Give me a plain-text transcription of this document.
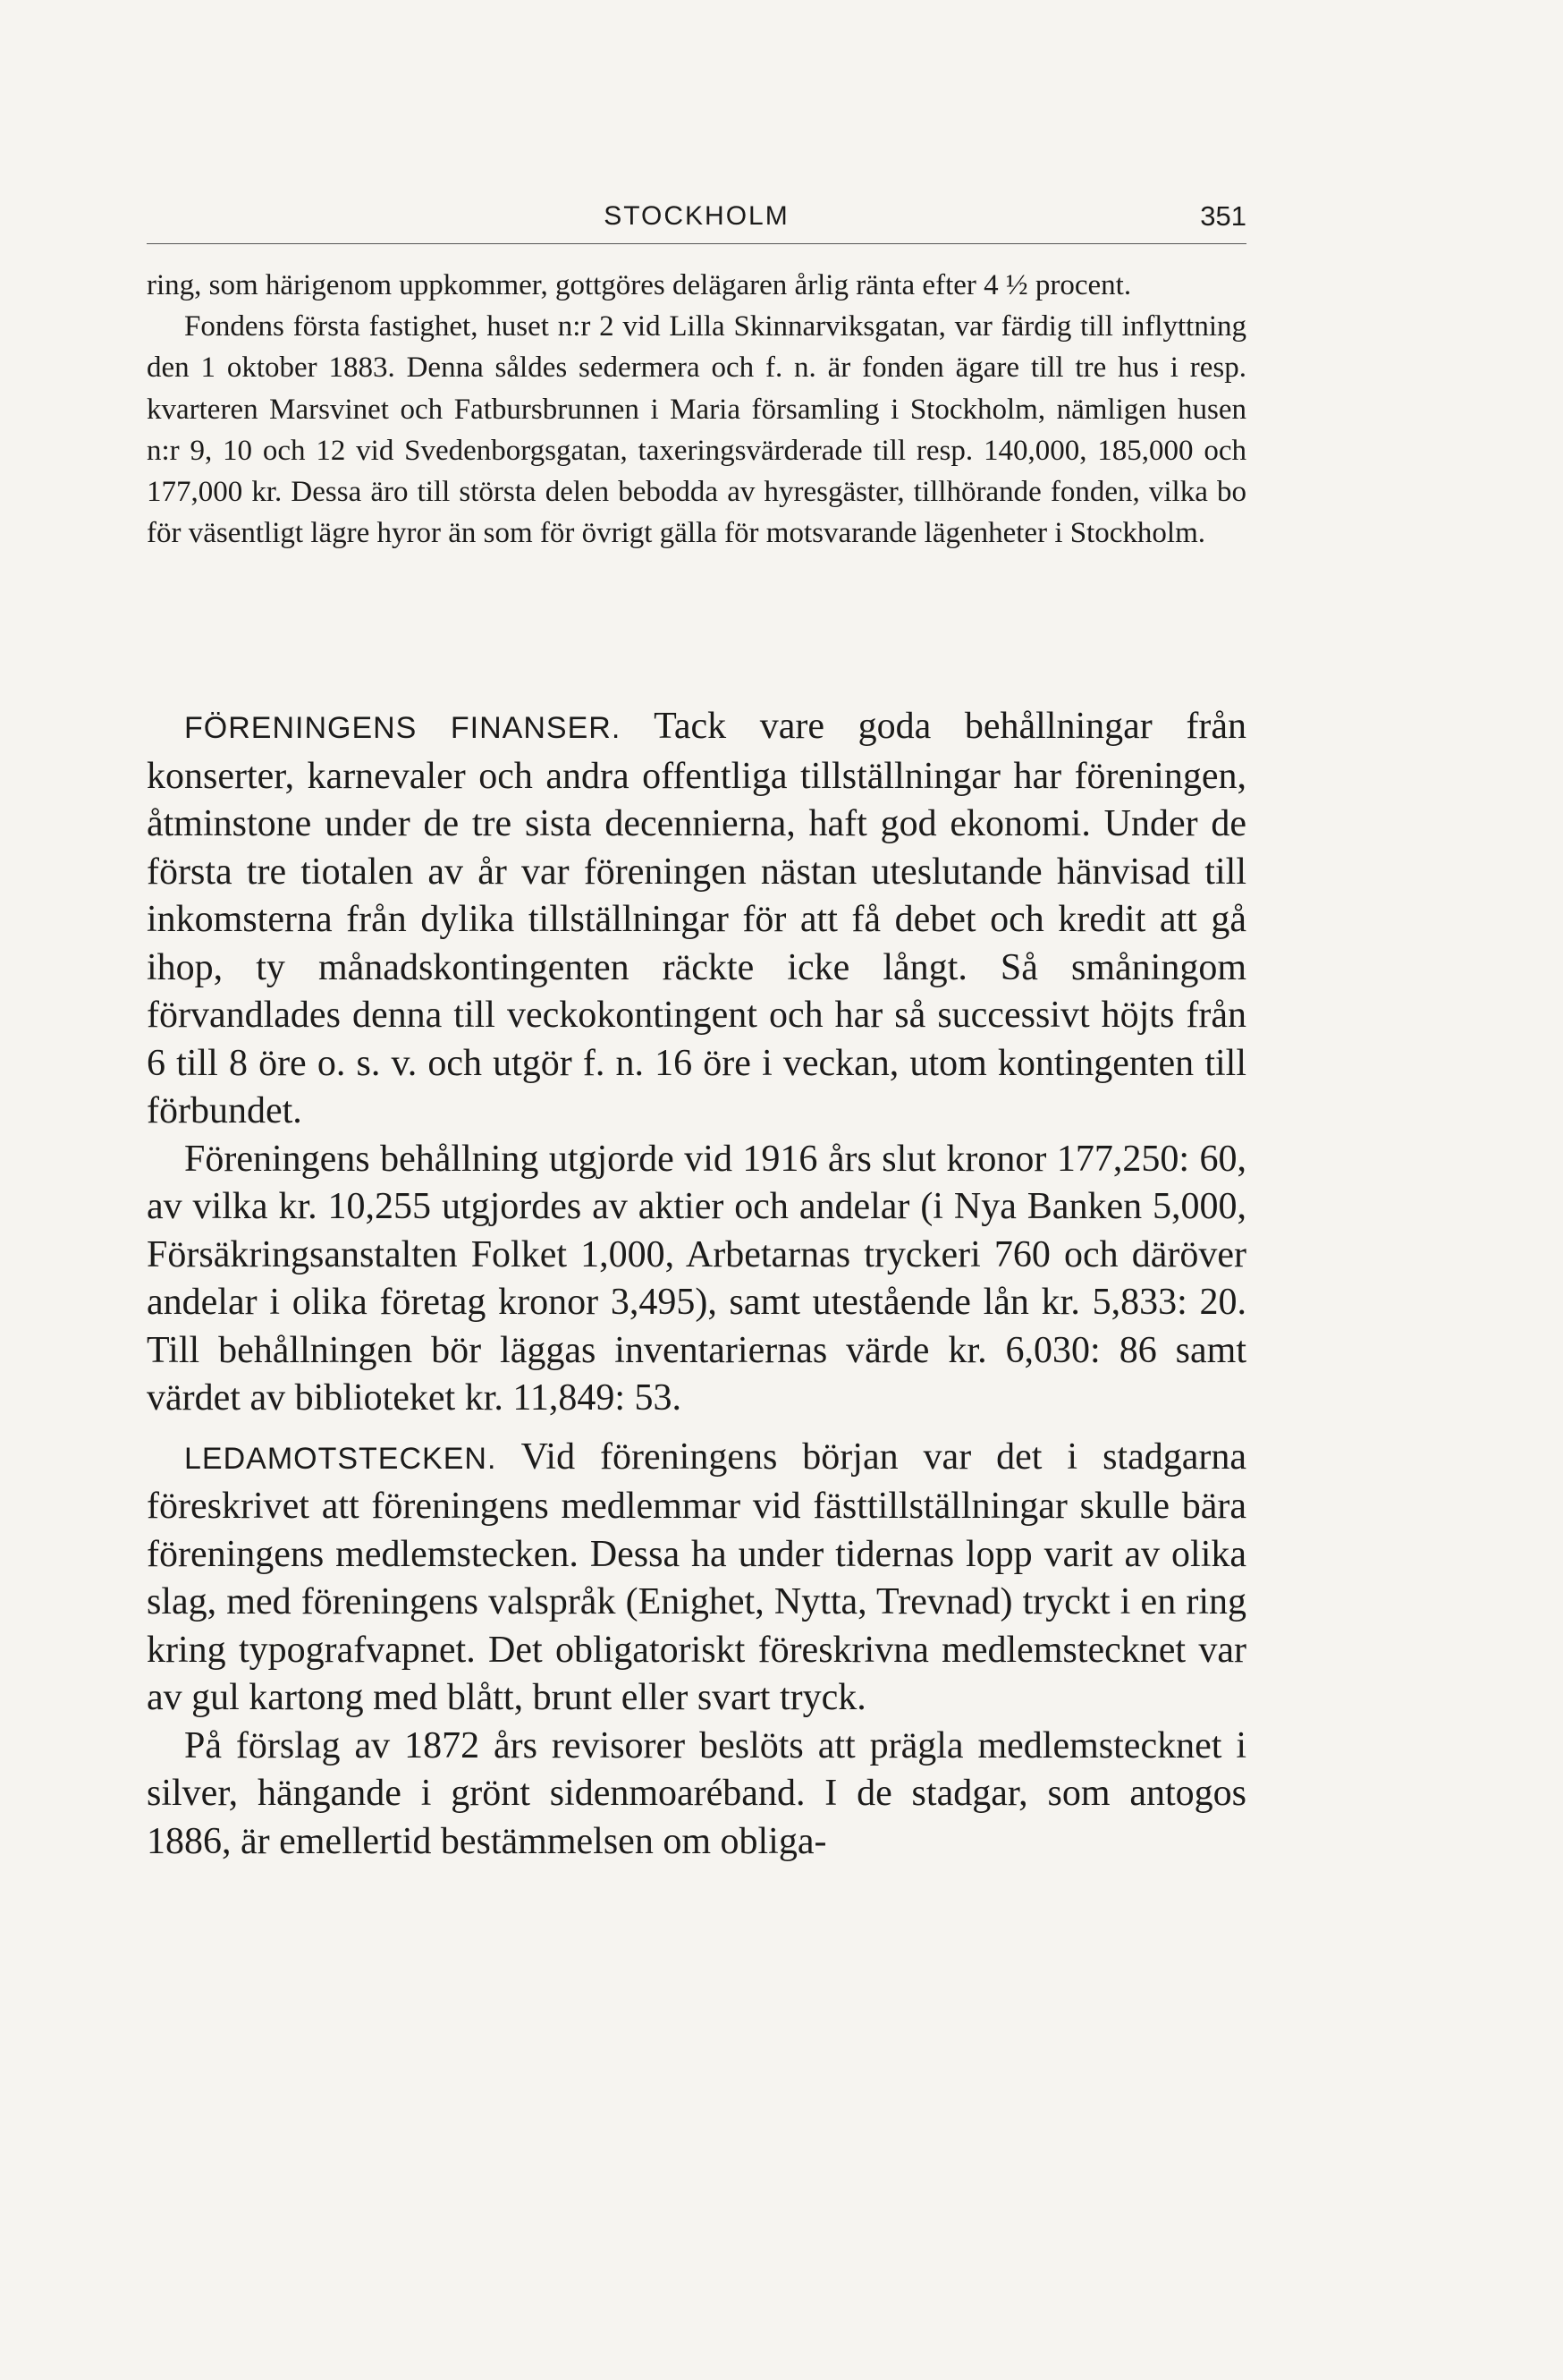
STOCKHOLM	351

ring, som härigenom uppkommer, gottgöres delägaren årlig ränta efter 4 ½ procent.

Fondens första fastighet, huset n:r 2 vid Lilla Skinnarviksgatan, var färdig till inflyttning den 1 oktober 1883. Denna såldes sedermera och f. n. är fonden ägare till tre hus i resp. kvarteren Marsvinet och Fatbursbrunnen i Maria församling i Stockholm, nämligen husen n:r 9, 10 och 12 vid Svedenborgsgatan, taxeringsvärderade till resp. 140,000, 185,000 och 177,000 kr. Dessa äro till största delen bebodda av hyresgäster, tillhörande fonden, vilka bo för väsentligt lägre hyror än som för övrigt gälla för motsvarande lägenheter i Stockholm.

FÖRENINGENS FINANSER. Tack vare goda behållningar från konserter, karnevaler och andra offentliga tillställningar har föreningen, åtminstone under de tre sista decennierna, haft god ekonomi. Under de första tre tiotalen av år var föreningen nästan uteslutande hänvisad till inkomsterna från dylika tillställningar för att få debet och kredit att gå ihop, ty månadskontingenten räckte icke långt. Så småningom förvandlades denna till veckokontingent och har så successivt höjts från 6 till 8 öre o. s. v. och utgör f. n. 16 öre i veckan, utom kontingenten till förbundet.

Föreningens behållning utgjorde vid 1916 års slut kronor 177,250: 60, av vilka kr. 10,255 utgjordes av aktier och andelar (i Nya Banken 5,000, Försäkringsanstalten Folket 1,000, Arbetarnas tryckeri 760 och däröver andelar i olika företag kronor 3,495), samt utestående lån kr. 5,833: 20. Till behållningen bör läggas inventariernas värde kr. 6,030: 86 samt värdet av biblioteket kr. 11,849: 53.

LEDAMOTSTECKEN. Vid föreningens början var det i stadgarna föreskrivet att föreningens medlemmar vid fästtillställningar skulle bära föreningens medlemstecken. Dessa ha under tidernas lopp varit av olika slag, med föreningens valspråk (Enighet, Nytta, Trevnad) tryckt i en ring kring typografvapnet. Det obligatoriskt föreskrivna medlemstecknet var av gul kartong med blått, brunt eller svart tryck.

På förslag av 1872 års revisorer beslöts att prägla medlemstecknet i silver, hängande i grönt sidenmoaréband. I de stadgar, som antogos 1886, är emellertid bestämmelsen om obliga-
